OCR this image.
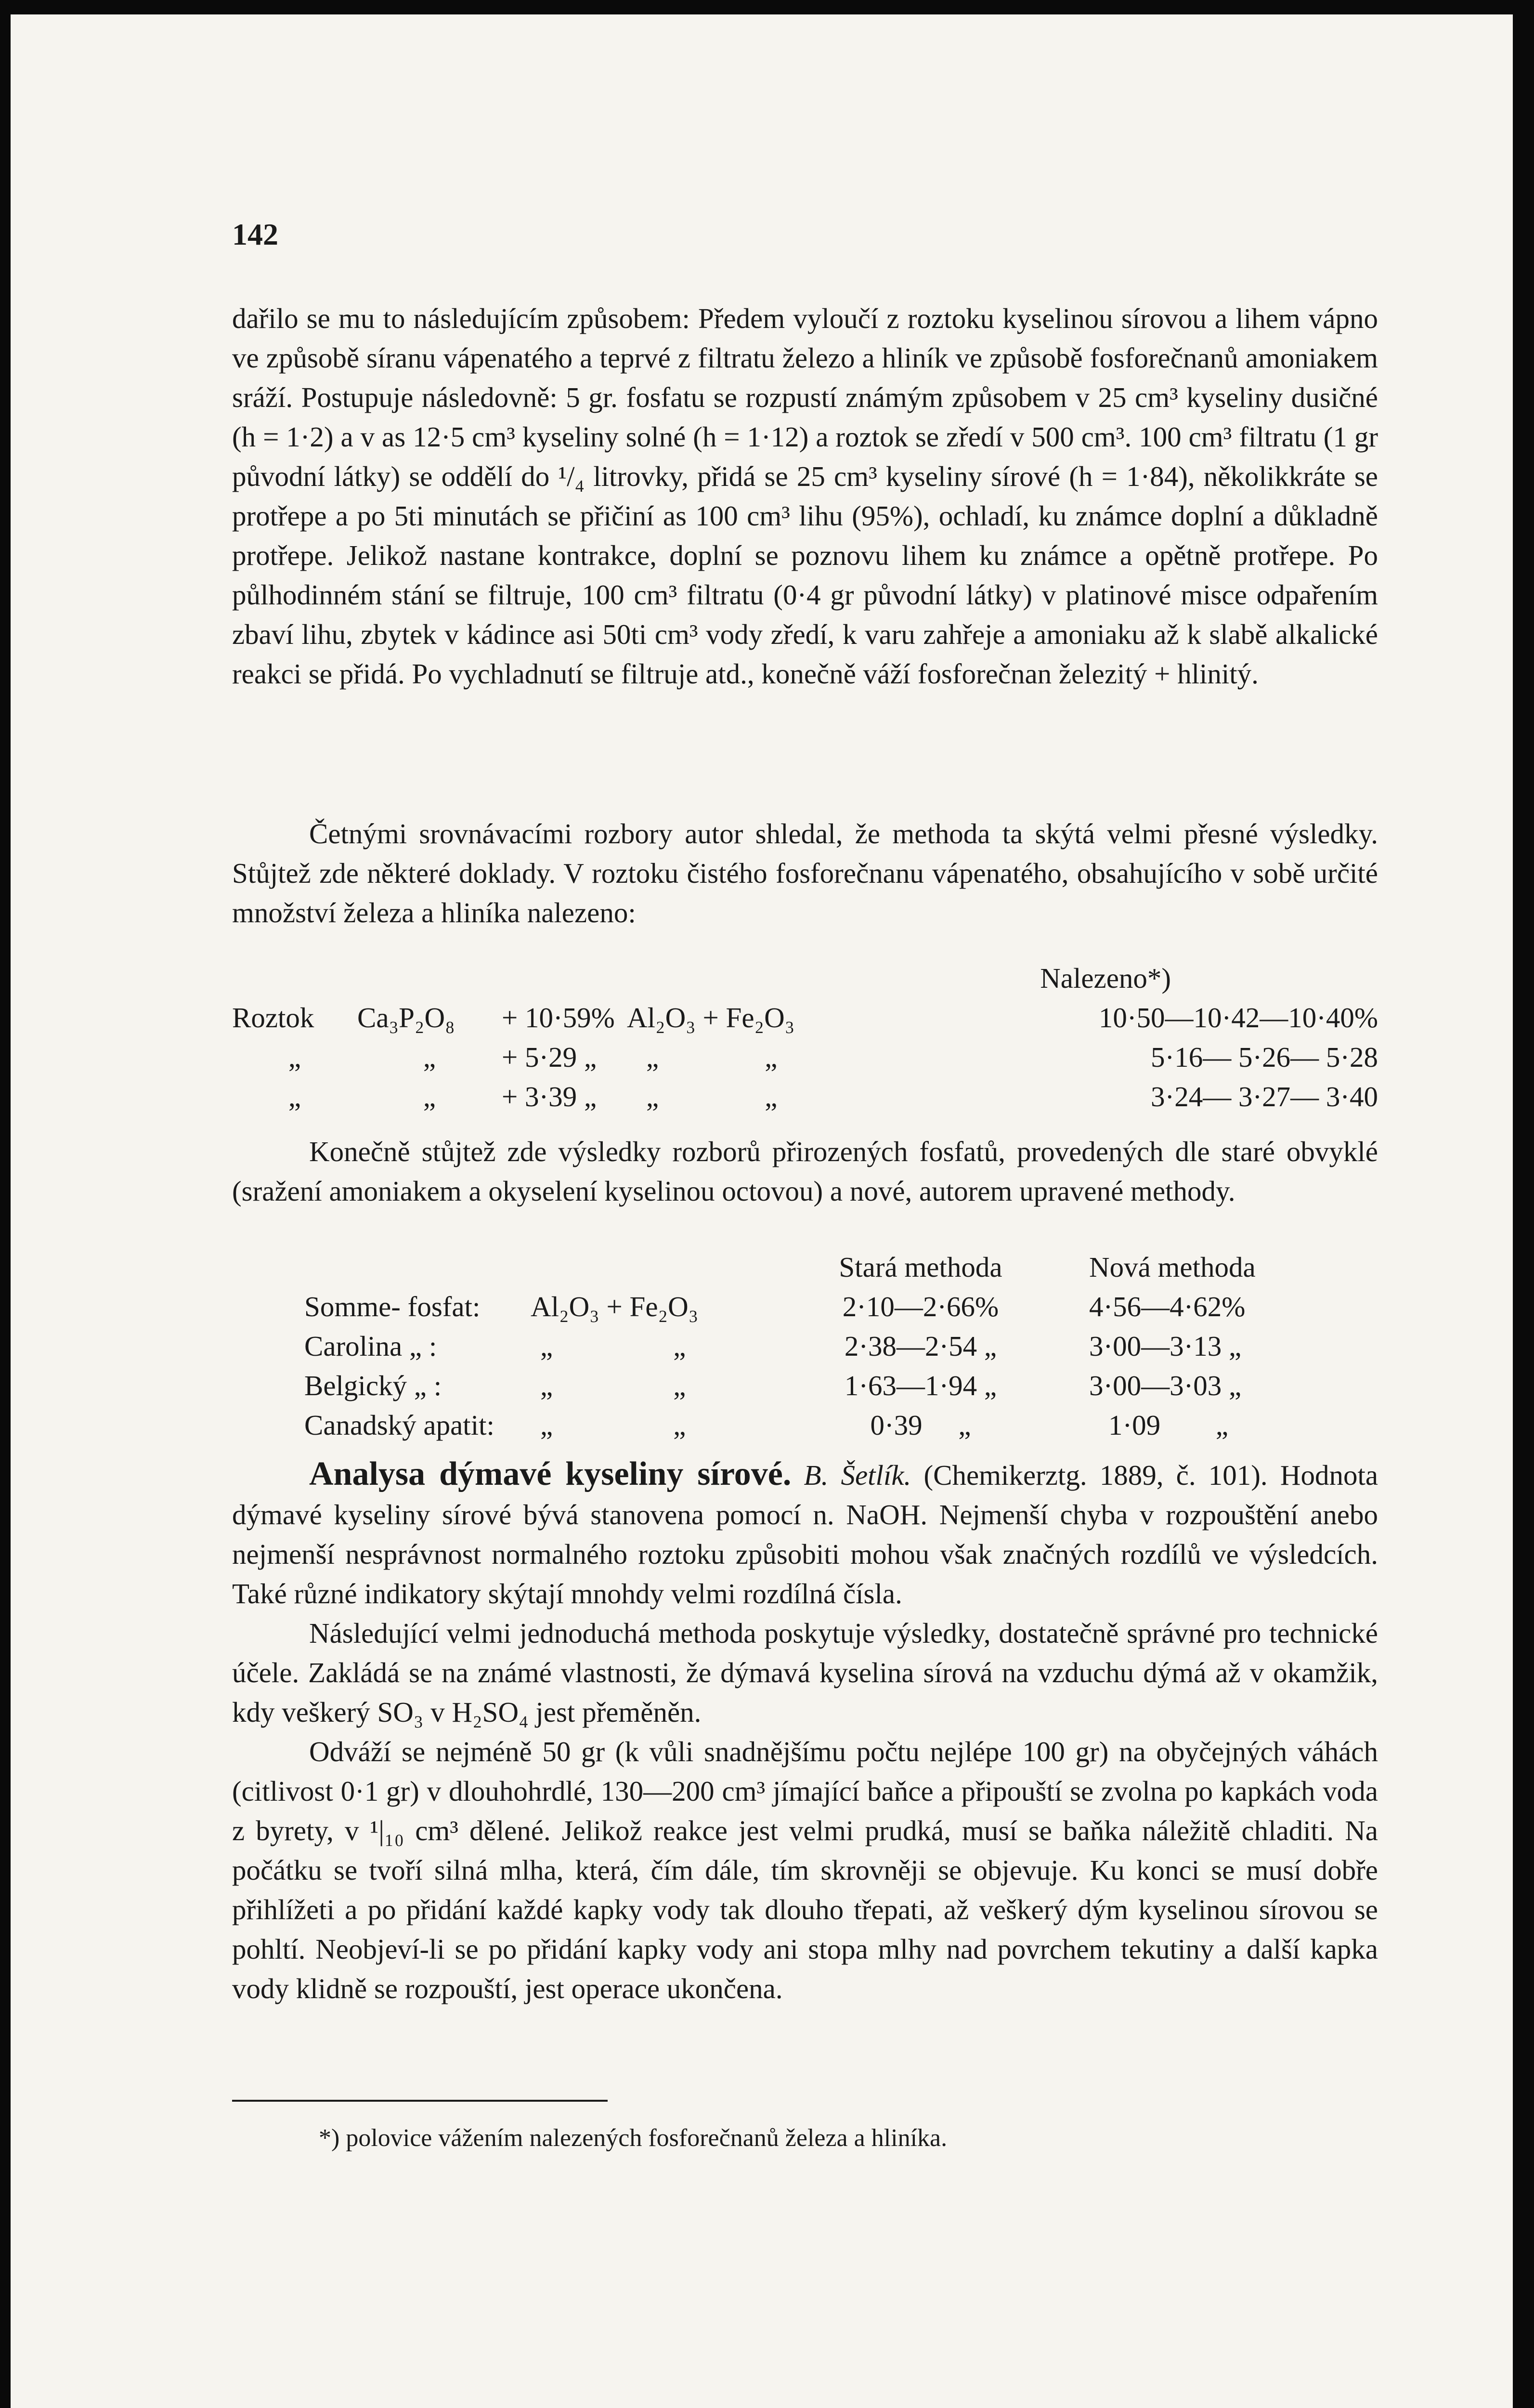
142

dařilo se mu to následujícím způsobem: Předem vyloučí z roztoku kyselinou sírovou a lihem vápno ve způsobě síranu vápenatého a teprvé z filtratu železo a hliník ve způsobě fosforečnanů amoniakem sráží. Postupuje následovně: 5 gr. fosfatu se rozpustí známým způsobem v 25 cm³ kyseliny dusičné (h = 1·2) a v as 12·5 cm³ kyseliny solné (h = 1·12) a roztok se zředí v 500 cm³. 100 cm³ filtratu (1 gr původní látky) se oddělí do ¹/₄ litrovky, přidá se 25 cm³ kyseliny sírové (h = 1·84), několikkráte se protřepe a po 5ti minutách se přičiní as 100 cm³ lihu (95%), ochladí, ku známce doplní a důkladně protřepe. Jelikož nastane kontrakce, doplní se poznovu lihem ku známce a opětně protřepe. Po půlhodinném stání se filtruje, 100 cm³ filtratu (0·4 gr původní látky) v platinové misce odpařením zbaví lihu, zbytek v kádince asi 50ti cm³ vody zředí, k varu zahřeje a amoniaku až k slabě alkalické reakci se přidá. Po vychladnutí se filtruje atd., konečně váží fosforečnan železitý + hlinitý.

Četnými srovnávacími rozbory autor shledal, že methoda ta skýtá velmi přesné výsledky. Stůjtež zde některé doklady. V roztoku čistého fosforečnanu vápenatého, obsahujícího v sobě určité množství železa a hliníka nalezeno:

					Nalezeno*)
Roztok	Ca₃P₂O₈	+ 10·59%	Al₂O₃ + Fe₂O₃		10·50—10·42—10·40%
„	„	+ 5·29 „	„ „		5·16— 5·26— 5·28
„	„	+ 3·39 „	„ „		3·24— 3·27— 3·40

Konečně stůjtež zde výsledky rozborů přirozených fosfatů, provedených dle staré obvyklé (sražení amoniakem a okyselení kyselinou octovou) a nové, autorem upravené methody.

			Stará methoda	Nová methoda
	Somme- fosfat:	Al₂O₃ + Fe₂O₃	2·10—2·66%	4·56—4·62%
	Carolina „ :	„ „	2·38—2·54 „	3·00—3·13 „
	Belgický „ :	„ „	1·63—1·94 „	3·00—3·03 „
	Canadský apatit:	„ „	0·39 „	1·09 „

Analysa dýmavé kyseliny sírové. B. Šetlík. (Chemikerztg. 1889, č. 101). Hodnota dýmavé kyseliny sírové bývá stanovena pomocí n. NaOH. Nejmenší chyba v rozpouštění anebo nejmenší nesprávnost normalného roztoku způsobiti mohou však značných rozdílů ve výsledcích. Také různé indikatory skýtají mnohdy velmi rozdílná čísla.

Následující velmi jednoduchá methoda poskytuje výsledky, dostatečně správné pro technické účele. Zakládá se na známé vlastnosti, že dýmavá kyselina sírová na vzduchu dýmá až v okamžik, kdy veškerý SO₃ v H₂SO₄ jest přeměněn.

Odváží se nejméně 50 gr (k vůli snadnějšímu počtu nejlépe 100 gr) na obyčejných váhách (citlivost 0·1 gr) v dlouhohrdlé, 130—200 cm³ jímající baňce a připouští se zvolna po kapkách voda z byrety, v ¹|₁₀ cm³ dělené. Jelikož reakce jest velmi prudká, musí se baňka náležitě chladiti. Na počátku se tvoří silná mlha, která, čím dále, tím skrovněji se objevuje. Ku konci se musí dobře přihlížeti a po přidání každé kapky vody tak dlouho třepati, až veškerý dým kyselinou sírovou se pohltí. Neobjeví-li se po přidání kapky vody ani stopa mlhy nad povrchem tekutiny a další kapka vody klidně se rozpouští, jest operace ukončena.

*) polovice vážením nalezených fosforečnanů železa a hliníka.
